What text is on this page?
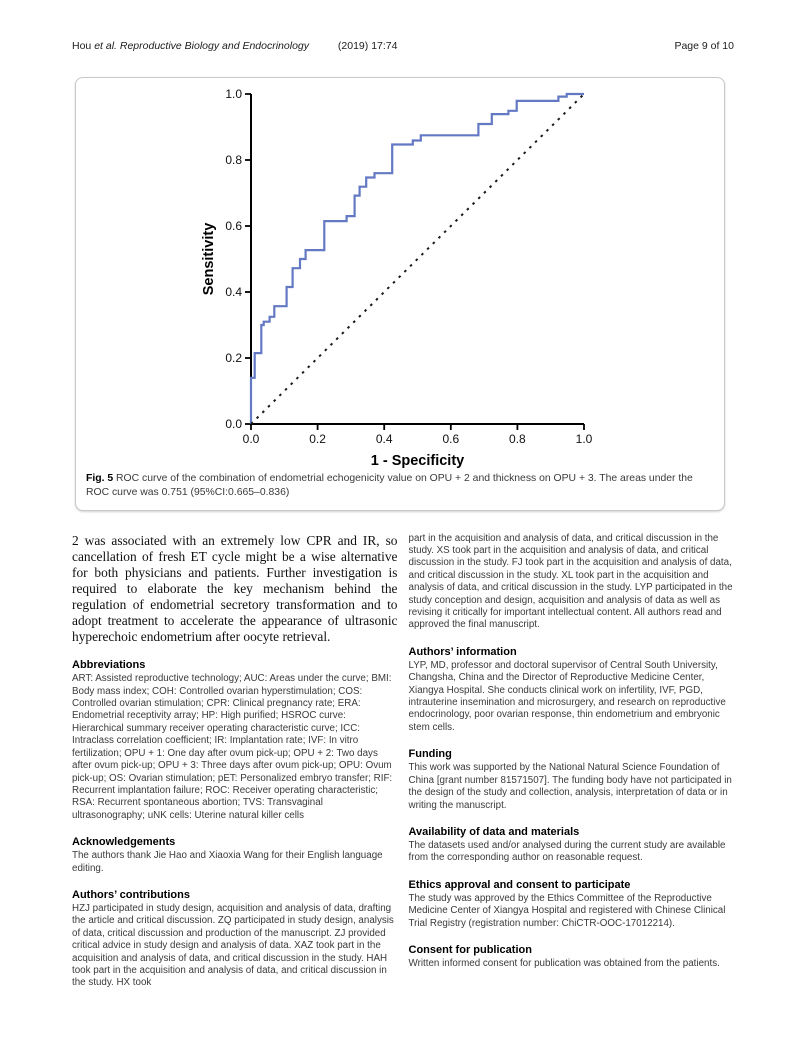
Hou et al. Reproductive Biology and Endocrinology	(2019) 17:74	Page 9 of 10
0.0
0.2
0.4
0.6
0.8
1.0
0.0	0.2	0.4	0.6	0.8	1.0
1 - Specificity
Sensitivity
Fig. 5 ROC curve of the combination of endometrial echogenicity value on OPU + 2 and thickness on OPU + 3. The areas under the ROC curve was 0.751 (95%CI:0.665–0.836)

2 was associated with an extremely low CPR and IR, so cancellation of fresh ET cycle might be a wise alternative for both physicians and patients. Further investigation is required to elaborate the key mechanism behind the regulation of endometrial secretory transformation and to adopt treatment to accelerate the appearance of ultrasonic hyperechoic endometrium after oocyte retrieval.

Abbreviations

ART: Assisted reproductive technology; AUC: Areas under the curve; BMI: Body mass index; COH: Controlled ovarian hyperstimulation; COS: Controlled ovarian stimulation; CPR: Clinical pregnancy rate; ERA: Endometrial receptivity array; HP: High purified; HSROC curve: Hierarchical summary receiver operating characteristic curve; ICC: Intraclass correlation coefficient; IR: Implantation rate; IVF: In vitro fertilization; OPU + 1: One day after ovum pick-up; OPU + 2: Two days after ovum pick-up; OPU + 3: Three days after ovum pick-up; OPU: Ovum pick-up; OS: Ovarian stimulation; pET: Personalized embryo transfer; RIF: Recurrent implantation failure; ROC: Receiver operating characteristic; RSA: Recurrent spontaneous abortion; TVS: Transvaginal ultrasonography; uNK cells: Uterine natural killer cells

Acknowledgements

The authors thank Jie Hao and Xiaoxia Wang for their English language editing.

Authors’ contributions

HZJ participated in study design, acquisition and analysis of data, drafting the article and critical discussion. ZQ participated in study design, analysis of data, critical discussion and production of the manuscript. ZJ provided critical advice in study design and analysis of data. XAZ took part in the acquisition and analysis of data, and critical discussion in the study. HAH took part in the acquisition and analysis of data, and critical discussion in the study. HX took

part in the acquisition and analysis of data, and critical discussion in the study. XS took part in the acquisition and analysis of data, and critical discussion in the study. FJ took part in the acquisition and analysis of data, and critical discussion in the study. XL took part in the acquisition and analysis of data, and critical discussion in the study. LYP participated in the study conception and design, acquisition and analysis of data as well as revising it critically for important intellectual content. All authors read and approved the final manuscript.

Authors’ information

LYP, MD, professor and doctoral supervisor of Central South University, Changsha, China and the Director of Reproductive Medicine Center, Xiangya Hospital. She conducts clinical work on infertility, IVF, PGD, intrauterine insemination and microsurgery, and research on reproductive endocrinology, poor ovarian response, thin endometrium and embryonic stem cells.

Funding

This work was supported by the National Natural Science Foundation of China [grant number 81571507]. The funding body have not participated in the design of the study and collection, analysis, interpretation of data or in writing the manuscript.

Availability of data and materials

The datasets used and/or analysed during the current study are available from the corresponding author on reasonable request.

Ethics approval and consent to participate

The study was approved by the Ethics Committee of the Reproductive Medicine Center of Xiangya Hospital and registered with Chinese Clinical Trial Registry (registration number: ChiCTR-OOC-17012214).

Consent for publication

Written informed consent for publication was obtained from the patients.
